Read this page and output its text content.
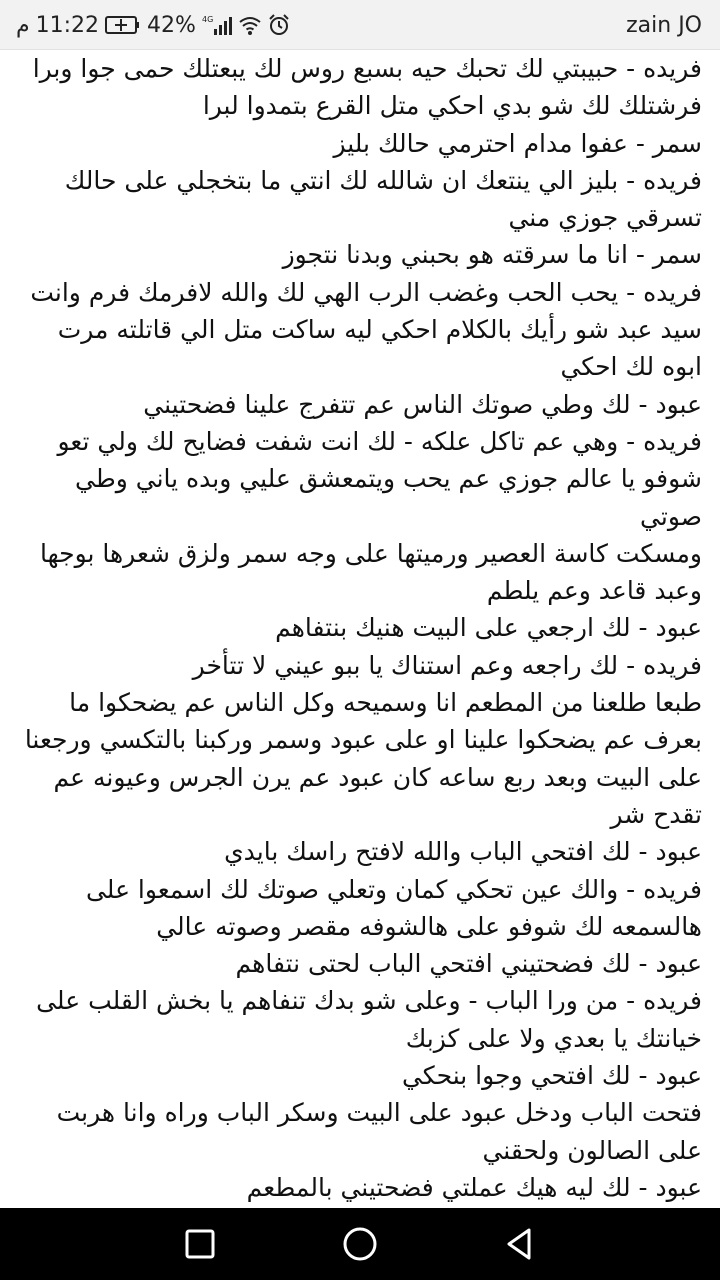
م 11:22 42% 4G	zain JO

فريده - حبيبتي لك تحبك حيه بسبع روس لك يبعتلك حمى جوا وبرا فرشتلك لك شو بدي احكي متل القرع بتمدوا لبرا

سمر - عفوا مدام احترمي حالك بليز

فريده - بليز الي ينتعك ان شالله لك انتي ما بتخجلي على حالك تسرقي جوزي مني

سمر - انا ما سرقته هو بحبني وبدنا نتجوز

فريده - يحب الحب وغضب الرب الهي لك والله لافرمك فرم وانت سيد عبد شو رأيك بالكلام احكي ليه ساكت متل الي قاتلته مرت ابوه لك احكي

عبود - لك وطي صوتك الناس عم تتفرج علينا فضحتيني

فريده - وهي عم تاكل علكه - لك انت شفت فضايح لك ولي تعو شوفو يا عالم جوزي عم يحب ويتمعشق عليي وبده ياني وطي صوتي

ومسكت كاسة العصير ورميتها على وجه سمر ولزق شعرها بوجها وعبد قاعد وعم يلطم

عبود - لك ارجعي على البيت هنيك بنتفاهم

فريده - لك راجعه وعم استناك يا ببو عيني لا تتأخر

طبعا طلعنا من المطعم انا وسميحه وكل الناس عم يضحكوا ما بعرف عم يضحكوا علينا او على عبود وسمر وركبنا بالتكسي ورجعنا على البيت وبعد ربع ساعه كان عبود عم يرن الجرس وعيونه عم تقدح شر

عبود - لك افتحي الباب والله لافتح راسك بايدي

فريده - والك عين تحكي كمان وتعلي صوتك لك اسمعوا على هالسمعه لك شوفو على هالشوفه مقصر وصوته عالي

عبود - لك فضحتيني افتحي الباب لحتى نتفاهم

فريده - من ورا الباب - وعلى شو بدك تنفاهم يا بخش القلب على خيانتك يا بعدي ولا على كزبك

عبود - لك افتحي وجوا بنحكي

فتحت الباب ودخل عبود على البيت وسكر الباب وراه وانا هربت على الصالون ولحقني

عبود - لك ليه هيك عملتي فضحتيني بالمطعم
